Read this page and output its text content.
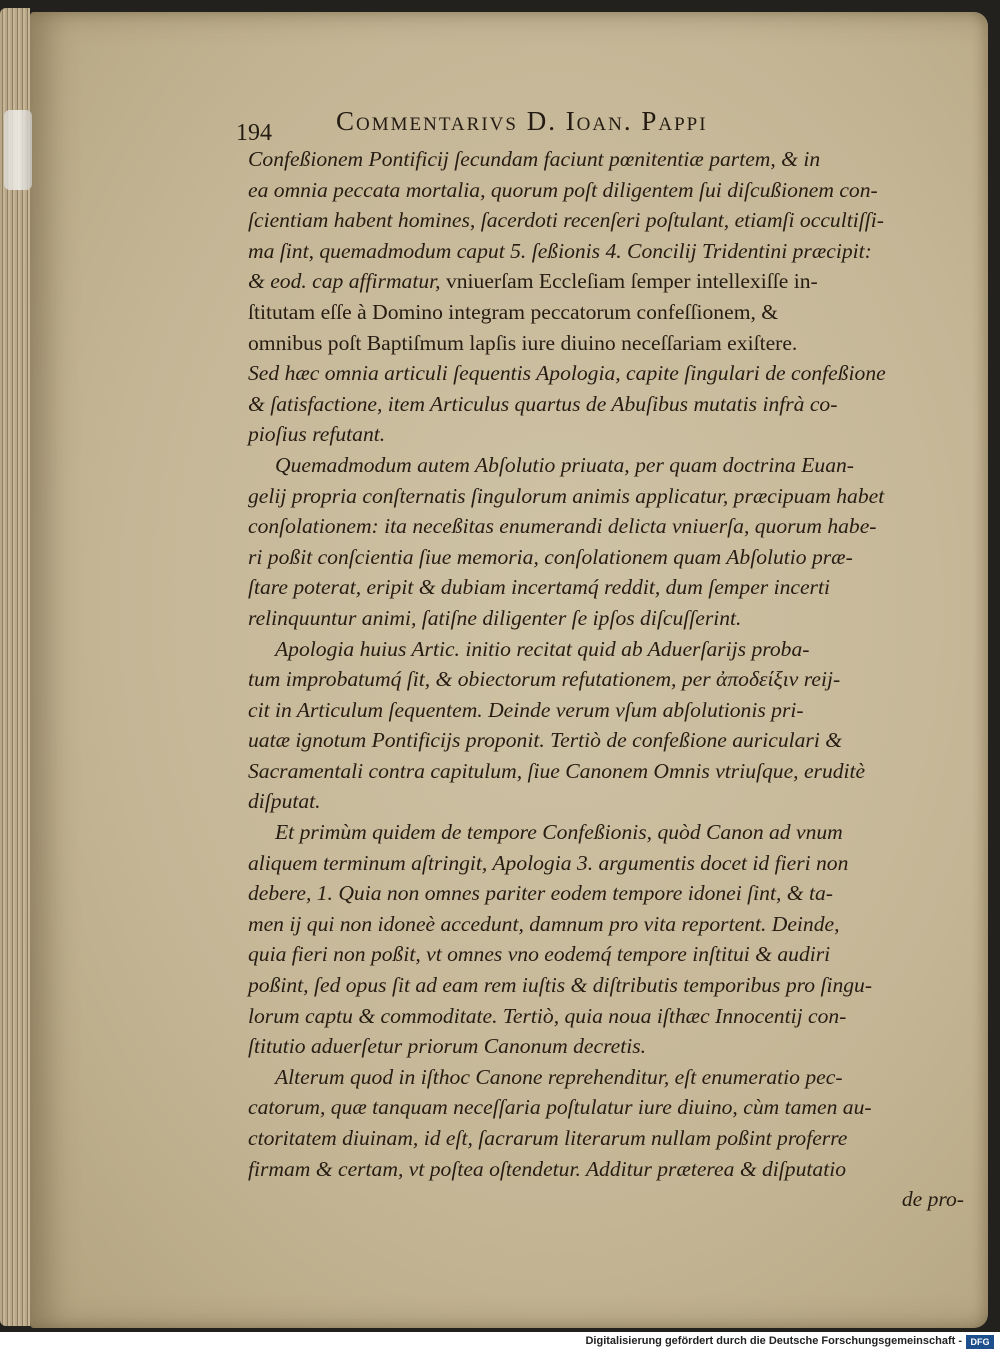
194 Commentarivs D. Ioan. Pappi
Confeßionem Pontificij ſecundam faciunt pœnitentiæ partem, & in
ea omnia peccata mortalia, quorum poſt diligentem ſui diſcußionem con-
ſcientiam habent homines, ſacerdoti recenſeri poſtulant, etiamſi occultiſſi-
ma ſint, quemadmodum caput 5. ſeßionis 4. Concilij Tridentini præcipit:
& eod. cap affirmatur, vniuerſam Eccleſiam ſemper intellexiſſe in-
ſtitutam eſſe à Domino integram peccatorum confeſſionem, &
omnibus poſt Baptiſmum lapſis iure diuino neceſſariam exiſtere.
Sed hæc omnia articuli ſequentis Apologia, capite ſingulari de confeßione
& ſatisfactione, item Articulus quartus de Abuſibus mutatis infrà co-
pioſius refutant.
Quemadmodum autem Abſolutio priuata, per quam doctrina Euan-
gelij propria conſternatis ſingulorum animis applicatur, præcipuam habet
conſolationem: ita neceßitas enumerandi delicta vniuerſa, quorum habe-
ri poßit conſcientia ſiue memoria, conſolationem quam Abſolutio præ-
ſtare poterat, eripit & dubiam incertamq́ reddit, dum ſemper incerti
relinquuntur animi, ſatiſne diligenter ſe ipſos diſcuſſerint.
Apologia huius Artic. initio recitat quid ab Aduerſarijs proba-
tum improbatumq́ ſit, & obiectorum refutationem, per ἀποδείξιν reij-
cit in Articulum ſequentem. Deinde verum vſum abſolutionis pri-
uatæ ignotum Pontificijs proponit. Tertiò de confeßione auriculari &
Sacramentali contra capitulum, ſiue Canonem Omnis vtriuſque, eruditè
diſputat.
Et primùm quidem de tempore Confeßionis, quòd Canon ad vnum
aliquem terminum aſtringit, Apologia 3. argumentis docet id fieri non
debere, 1. Quia non omnes pariter eodem tempore idonei ſint, & ta-
men ij qui non idoneè accedunt, damnum pro vita reportent. Deinde,
quia fieri non poßit, vt omnes vno eodemq́ tempore inſtitui & audiri
poßint, ſed opus ſit ad eam rem iuſtis & diſtributis temporibus pro ſingu-
lorum captu & commoditate. Tertiò, quia noua iſthæc Innocentij con-
ſtitutio aduerſetur priorum Canonum decretis.
Alterum quod in iſthoc Canone reprehenditur, eſt enumeratio pec-
catorum, quæ tanquam neceſſaria poſtulatur iure diuino, cùm tamen au-
ctoritatem diuinam, id eſt, ſacrarum literarum nullam poßint proferre
firmam & certam, vt poſtea oſtendetur. Additur præterea & diſputatio
de pro-
Digitalisierung gefördert durch die Deutsche Forschungsgemeinschaft - DFG
